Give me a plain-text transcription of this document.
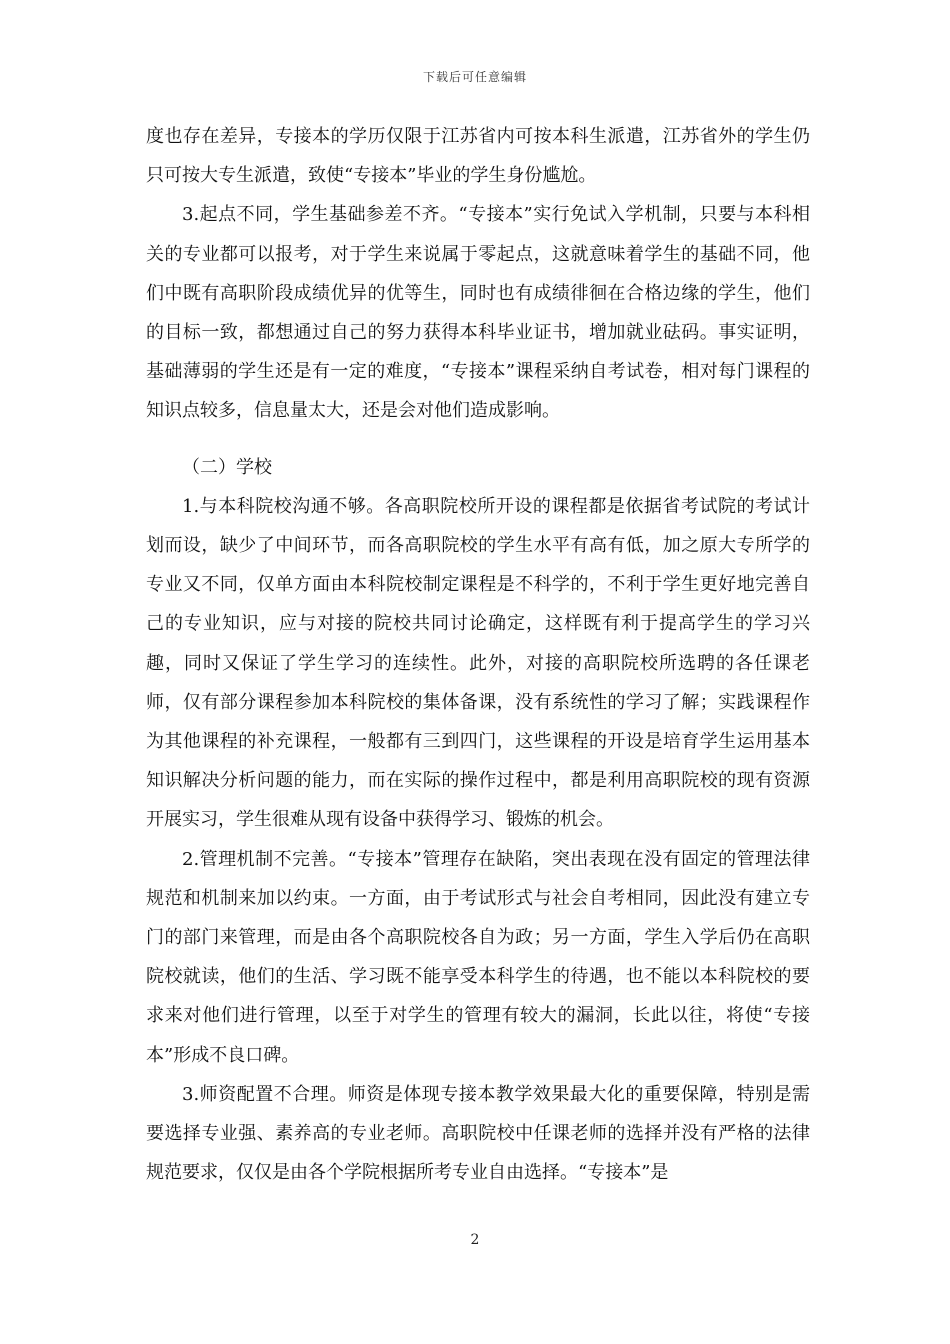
下载后可任意编辑

度也存在差异，专接本的学历仅限于江苏省内可按本科生派遣，江苏省外的学生仍只可按大专生派遣，致使“专接本”毕业的学生身份尴尬。

3.起点不同，学生基础参差不齐。“专接本”实行免试入学机制，只要与本科相关的专业都可以报考，对于学生来说属于零起点，这就意味着学生的基础不同，他们中既有高职阶段成绩优异的优等生，同时也有成绩徘徊在合格边缘的学生，他们的目标一致，都想通过自己的努力获得本科毕业证书，增加就业砝码。事实证明，基础薄弱的学生还是有一定的难度，“专接本”课程采纳自考试卷，相对每门课程的知识点较多，信息量太大，还是会对他们造成影响。

（二）学校

1.与本科院校沟通不够。各高职院校所开设的课程都是依据省考试院的考试计划而设，缺少了中间环节，而各高职院校的学生水平有高有低，加之原大专所学的专业又不同，仅单方面由本科院校制定课程是不科学的，不利于学生更好地完善自己的专业知识，应与对接的院校共同讨论确定，这样既有利于提高学生的学习兴趣，同时又保证了学生学习的连续性。此外，对接的高职院校所选聘的各任课老师，仅有部分课程参加本科院校的集体备课，没有系统性的学习了解；实践课程作为其他课程的补充课程，一般都有三到四门，这些课程的开设是培育学生运用基本知识解决分析问题的能力，而在实际的操作过程中，都是利用高职院校的现有资源开展实习，学生很难从现有设备中获得学习、锻炼的机会。

2.管理机制不完善。“专接本”管理存在缺陷，突出表现在没有固定的管理法律规范和机制来加以约束。一方面，由于考试形式与社会自考相同，因此没有建立专门的部门来管理，而是由各个高职院校各自为政；另一方面，学生入学后仍在高职院校就读，他们的生活、学习既不能享受本科学生的待遇，也不能以本科院校的要求来对他们进行管理，以至于对学生的管理有较大的漏洞，长此以往，将使“专接本”形成不良口碑。

3.师资配置不合理。师资是体现专接本教学效果最大化的重要保障，特别是需要选择专业强、素养高的专业老师。高职院校中任课老师的选择并没有严格的法律规范要求，仅仅是由各个学院根据所考专业自由选择。“专接本”是

2
